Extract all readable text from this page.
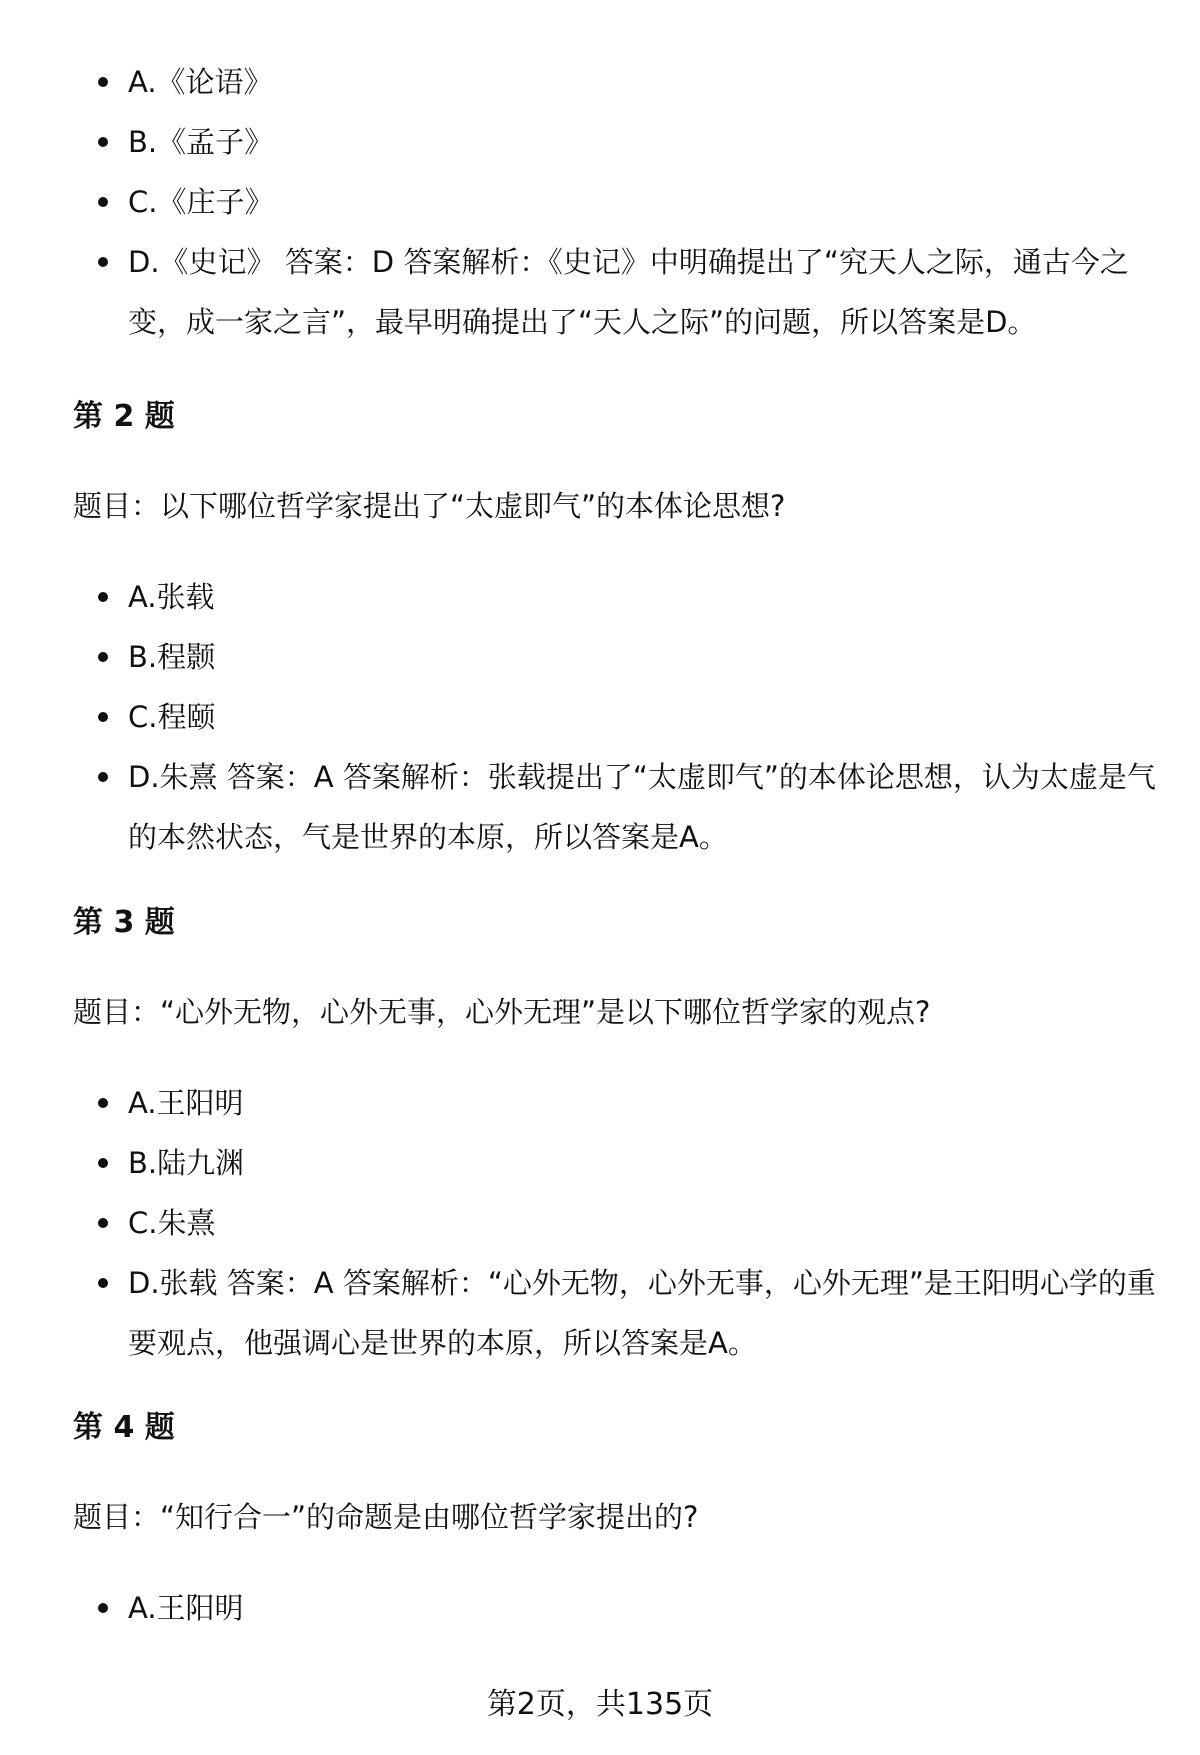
A.《论语》
B.《孟子》
C.《庄子》
D.《史记》 答案：D 答案解析：《史记》中明确提出了“究天人之际，通古今之变，成一家之言”，最早明确提出了“天人之际”的问题，所以答案是D。
第 2 题
题目：以下哪位哲学家提出了“太虚即气”的本体论思想?
A.张载
B.程颢
C.程颐
D.朱熹 答案：A 答案解析：张载提出了“太虚即气”的本体论思想，认为太虚是气的本然状态，气是世界的本原，所以答案是A。
第 3 题
题目：“心外无物，心外无事，心外无理”是以下哪位哲学家的观点?
A.王阳明
B.陆九渊
C.朱熹
D.张载 答案：A 答案解析：“心外无物，心外无事，心外无理”是王阳明心学的重要观点，他强调心是世界的本原，所以答案是A。
第 4 题
题目：“知行合一”的命题是由哪位哲学家提出的?
A.王阳明
第2页，共135页
